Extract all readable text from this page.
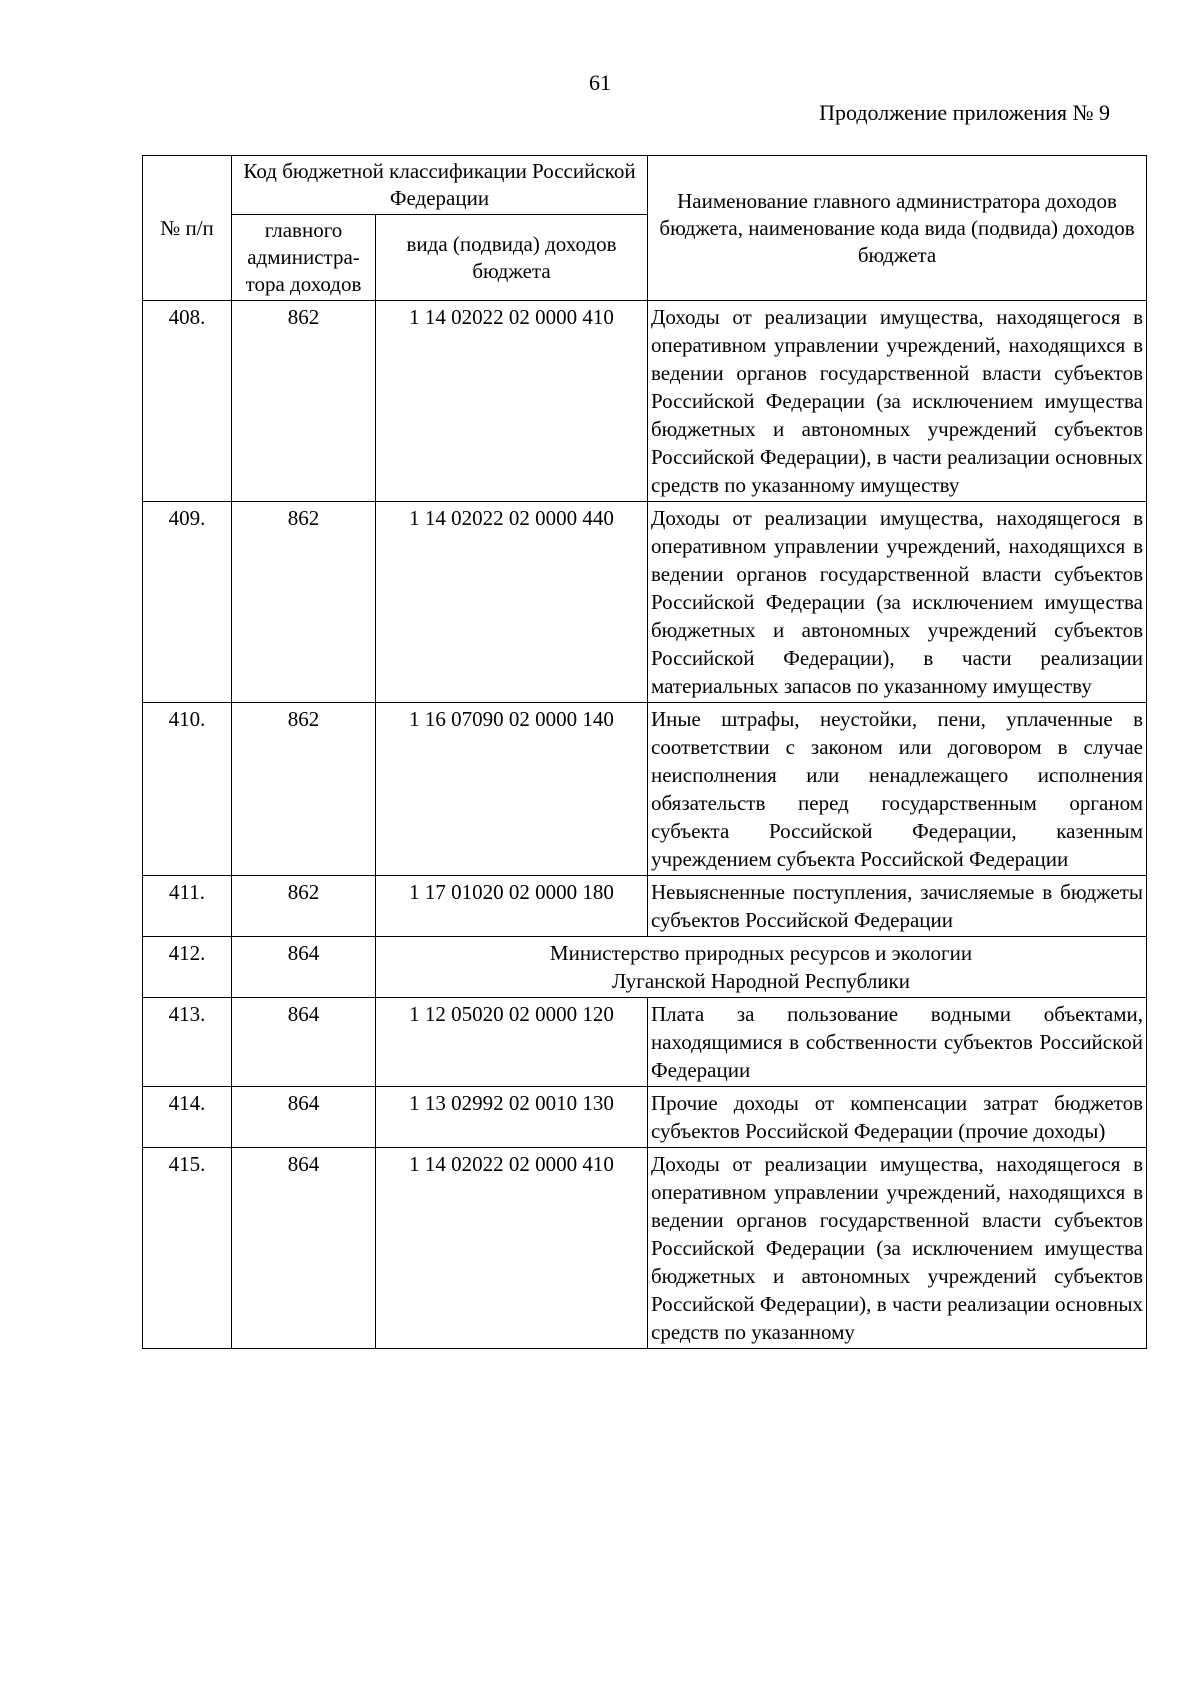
61
Продолжение приложения № 9
№ п/п	Код бюджетной классификации Российской Федерации		Наименование главного администратора доходов бюджета, наименование кода вида (подвида) доходов бюджета
	главного администра-тора доходов	вида (подвида) доходов бюджета	
408.	862	1 14 02022 02 0000 410	Доходы от реализации имущества, находящегося в оперативном управлении учреждений, находящихся в ведении органов государственной власти субъектов Российской Федерации (за исключением имущества бюджетных и автономных учреждений субъектов Российской Федерации), в части реализации основных средств по указанному имуществу
409.	862	1 14 02022 02 0000 440	Доходы от реализации имущества, находящегося в оперативном управлении учреждений, находящихся в ведении органов государственной власти субъектов Российской Федерации (за исключением имущества бюджетных и автономных учреждений субъектов Российской Федерации), в части реализации материальных запасов по указанному имуществу
410.	862	1 16 07090 02 0000 140	Иные штрафы, неустойки, пени, уплаченные в соответствии с законом или договором в случае неисполнения или ненадлежащего исполнения обязательств перед государственным органом субъекта Российской Федерации, казенным учреждением субъекта Российской Федерации
411.	862	1 17 01020 02 0000 180	Невыясненные поступления, зачисляемые в бюджеты субъектов Российской Федерации
412.	864	Министерство природных ресурсов и экологии
Луганской Народной Республики	

413.	864	1 12 05020 02 0000 120	Плата за пользование водными объектами, находящимися в собственности субъектов Российской Федерации
414.	864	1 13 02992 02 0010 130	Прочие доходы от компенсации затрат бюджетов субъектов Российской Федерации (прочие доходы)
415.	864	1 14 02022 02 0000 410	Доходы от реализации имущества, находящегося в оперативном управлении учреждений, находящихся в ведении органов государственной власти субъектов Российской Федерации (за исключением имущества бюджетных и автономных учреждений субъектов Российской Федерации), в части реализации основных средств по указанному
